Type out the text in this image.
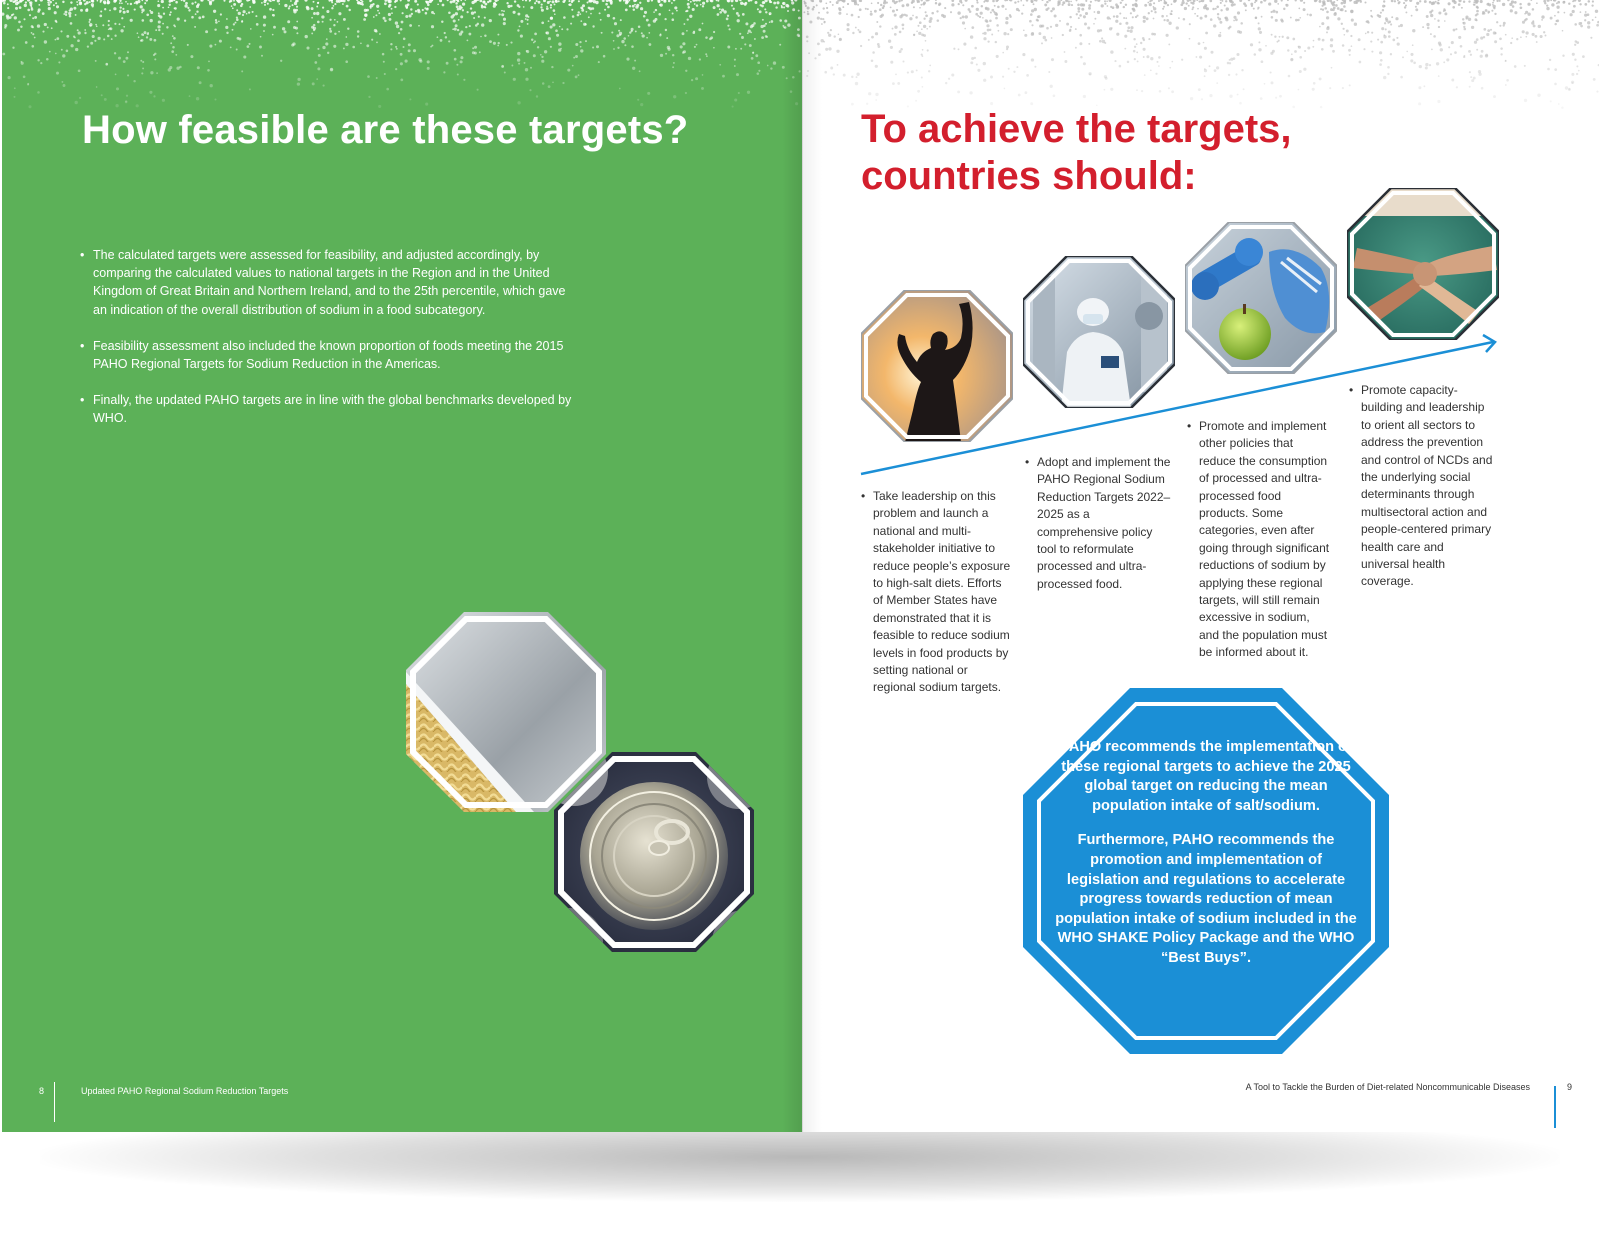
How feasible are these targets?
• The calculated targets were assessed for feasibility, and adjusted accordingly, by comparing the calculated values to national targets in the Region and in the United Kingdom of Great Britain and Northern Ireland, and to the 25th percentile, which gave an indication of the overall distribution of sodium in a food subcategory.
• Feasibility assessment also included the known proportion of foods meeting the 2015 PAHO Regional Targets for Sodium Reduction in the Americas.
• Finally, the updated PAHO targets are in line with the global benchmarks developed by WHO.
8	Updated PAHO Regional Sodium Reduction Targets
To achieve the targets,
countries should:
• Take leadership on this problem and launch a national and multi-stakeholder initiative to reduce people’s exposure to high-salt diets. Efforts of Member States have demonstrated that it is feasible to reduce sodium levels in food products by setting national or regional sodium targets.
• Adopt and implement the PAHO Regional Sodium Reduction Targets 2022–2025 as a comprehensive policy tool to reformulate processed and ultra-processed food.
• Promote and implement other policies that reduce the consumption of processed and ultra-processed food products. Some categories, even after going through significant reductions of sodium by applying these regional targets, will still remain excessive in sodium, and the population must be informed about it.
• Promote capacity-building and leadership to orient all sectors to address the prevention and control of NCDs and the underlying social determinants through multisectoral action and people-centered primary health care and universal health coverage.

PAHO recommends the implementation of these regional targets to achieve the 2025 global target on reducing the mean population intake of salt/sodium.

Furthermore, PAHO recommends the promotion and implementation of legislation and regulations to accelerate progress towards reduction of mean population intake of sodium included in the WHO SHAKE Policy Package and the WHO “Best Buys”.

A Tool to Tackle the Burden of Diet-related Noncommunicable Diseases	9
